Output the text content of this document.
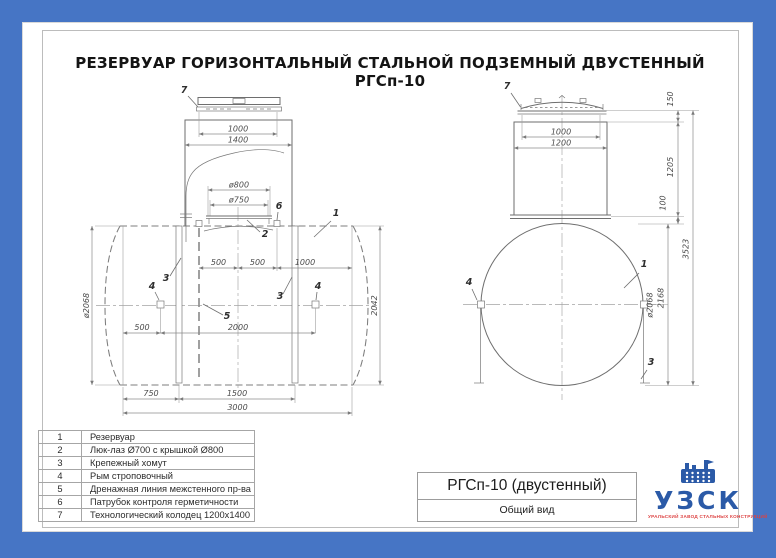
РЕЗЕРВУАР ГОРИЗОНТАЛЬНЫЙ СТАЛЬНОЙ ПОДЗЕМНЫЙ ДВУСТЕННЫЙ РГСп-10
500	500	1000
500	2000
1000
1400
ø800
ø750
ø2068	2042
750	1500
3000
7
1
2
6
3
3
4	4
5
1000
1200
150
1205
100
2168
3523
ø2068
7
1
4
3
1	Резервуар
2	Люк-лаз Ø700 с крышкой Ø800
3	Крепежный хомут
4	Рым строповочный
5	Дренажная линия межстенного пр-ва
6	Патрубок контроля герметичности
7	Технологический колодец 1200x1400
РГСп-10 (двустенный)
Общий вид	УЗСК
УРАЛЬСКИЙ ЗАВОД СТАЛЬНЫХ КОНСТРУКЦИЙ
